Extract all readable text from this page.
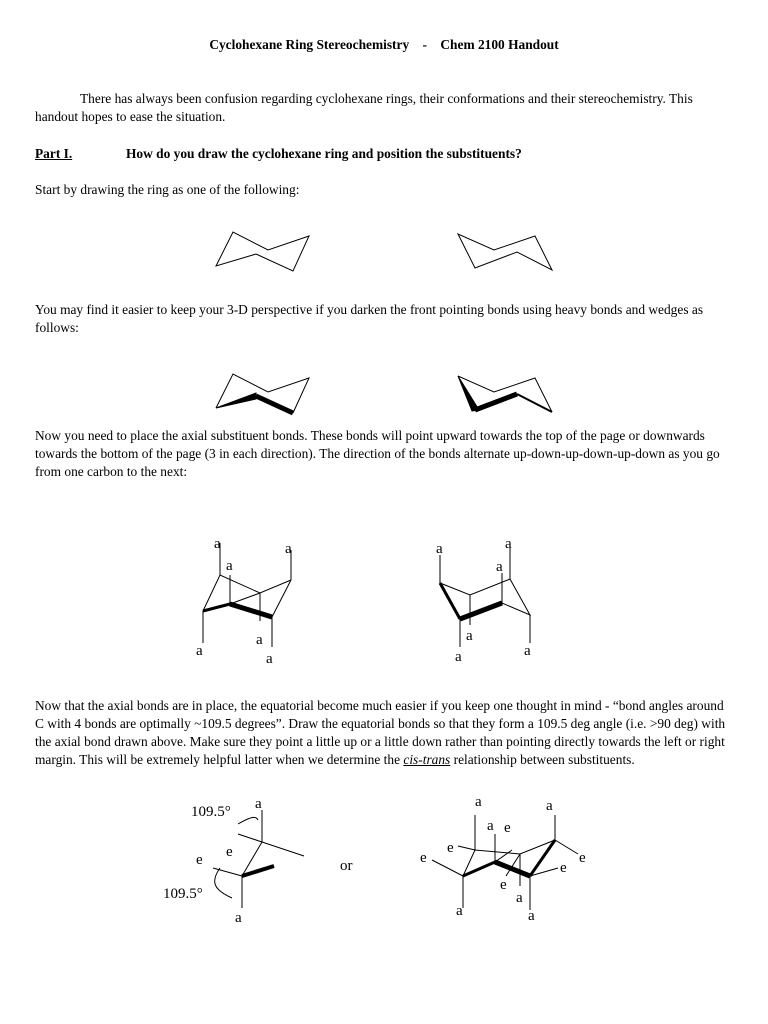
Cyclohexane Ring Stereochemistry    -    Chem 2100 Handout
There has always been confusion regarding cyclohexane rings, their conformations and their stereochemistry. This handout hopes to ease the situation.
Part I.	How do you draw the cyclohexane ring and position the substituents?
Start by drawing the ring as one of the following:
You may find it easier to keep your 3-D perspective if you darken the front pointing bonds using heavy bonds and wedges as follows:
Now you need to place the axial substituent bonds. These bonds will point upward towards the top of the page or downwards towards the bottom of the page (3 in each direction). The direction of the bonds alternate up-down-up-down-up-down as you go from one carbon to the next:
a	a
a
a
a
a
a	a
a
a
a	a
Now that the axial bonds are in place, the equatorial become much easier if you keep one thought in mind - “bond angles around C with 4 bonds are optimally ~109.5 degrees”. Draw the equatorial bonds so that they form a 109.5 deg angle (i.e. >90 deg) with the axial bond drawn above. Make sure they point a little up or a little down rather than pointing directly towards the left or right margin. This will be extremely helpful latter when we determine the cis-trans relationship between substituents.
109.5° a
e
e
109.5°
a
or
a	a
a e
e
e
e
e
e
a
a	a
